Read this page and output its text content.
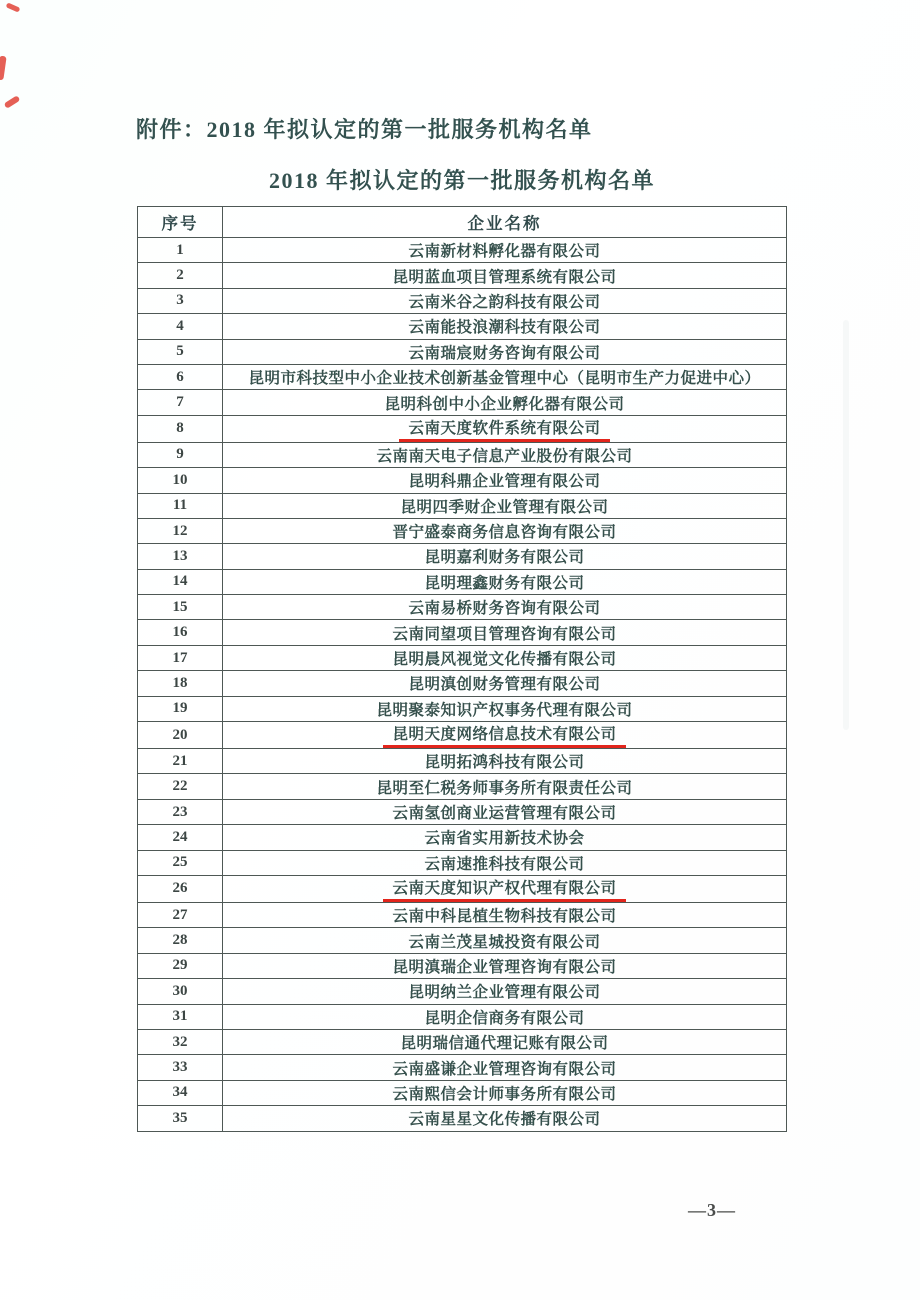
附件：2018 年拟认定的第一批服务机构名单
2018 年拟认定的第一批服务机构名单
序号	企业名称
1	云南新材料孵化器有限公司
2	昆明蓝血项目管理系统有限公司
3	云南米谷之韵科技有限公司
4	云南能投浪潮科技有限公司
5	云南瑞宸财务咨询有限公司
6	昆明市科技型中小企业技术创新基金管理中心（昆明市生产力促进中心）
7	昆明科创中小企业孵化器有限公司
8	云南天度软件系统有限公司
9	云南南天电子信息产业股份有限公司
10	昆明科鼎企业管理有限公司
11	昆明四季财企业管理有限公司
12	晋宁盛泰商务信息咨询有限公司
13	昆明嘉利财务有限公司
14	昆明理鑫财务有限公司
15	云南易桥财务咨询有限公司
16	云南同望项目管理咨询有限公司
17	昆明晨风视觉文化传播有限公司
18	昆明滇创财务管理有限公司
19	昆明聚泰知识产权事务代理有限公司
20	昆明天度网络信息技术有限公司
21	昆明拓鸿科技有限公司
22	昆明至仁税务师事务所有限责任公司
23	云南氢创商业运营管理有限公司
24	云南省实用新技术协会
25	云南速推科技有限公司
26	云南天度知识产权代理有限公司
27	云南中科昆植生物科技有限公司
28	云南兰茂星城投资有限公司
29	昆明滇瑞企业管理咨询有限公司
30	昆明纳兰企业管理有限公司
31	昆明企信商务有限公司
32	昆明瑞信通代理记账有限公司
33	云南盛谦企业管理咨询有限公司
34	云南熙信会计师事务所有限公司
35	云南星星文化传播有限公司
—3—
